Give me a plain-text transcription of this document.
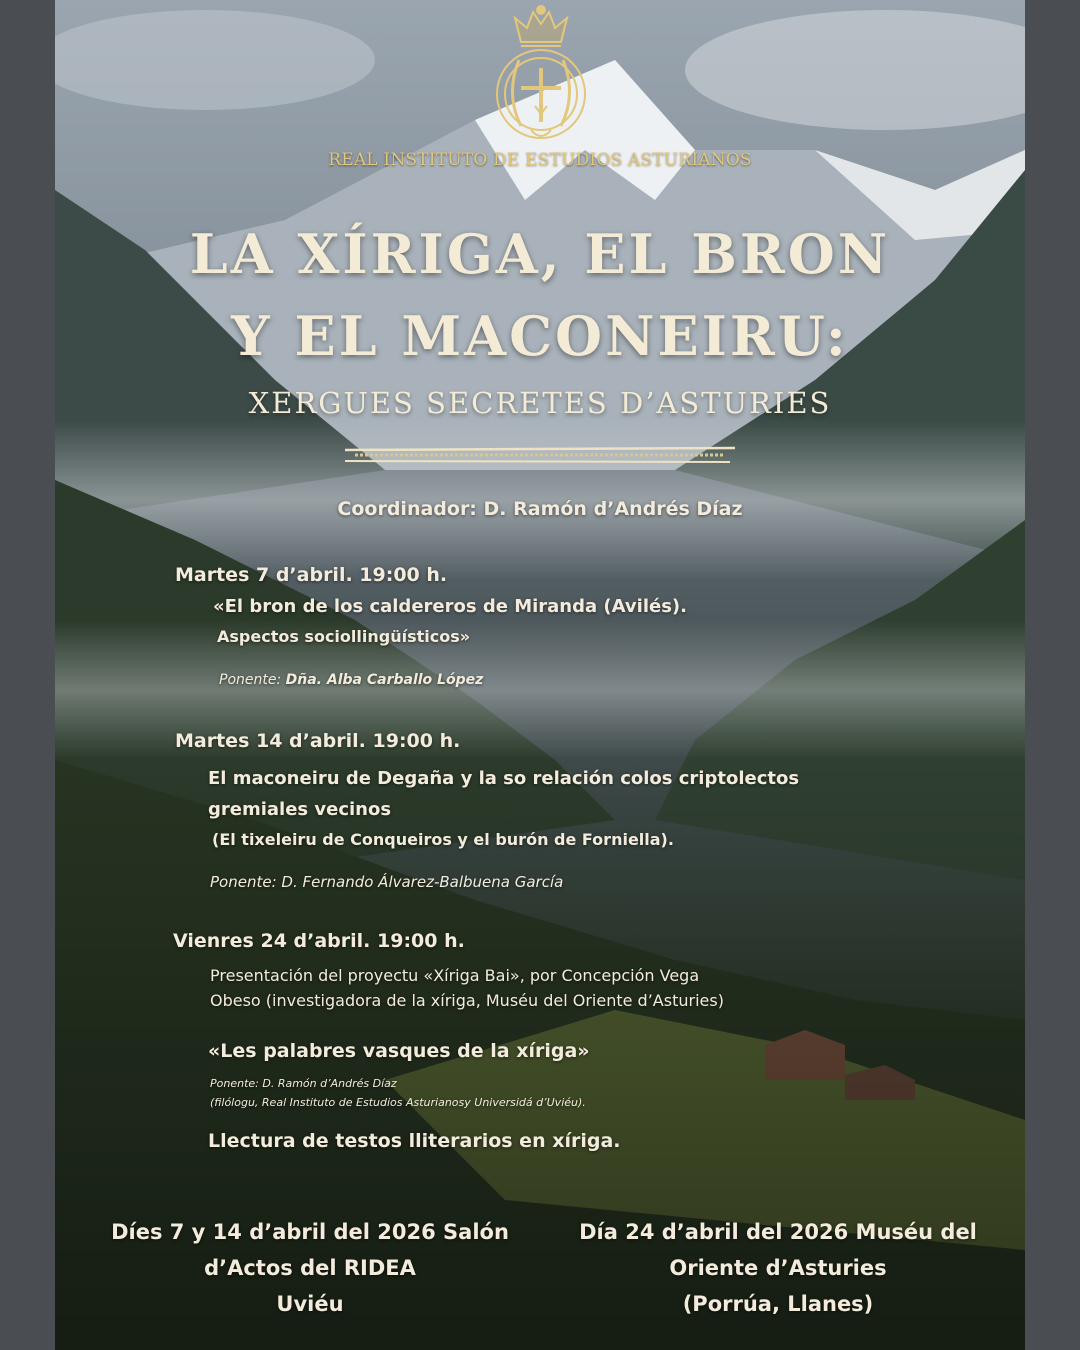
REAL INSTITUTO DE ESTUDIOS ASTURIANOS
LA XÍRIGA, EL BRON
Y EL MACONEIRU:
XERGUES SECRETES D’ASTURIES
Coordinador: D. Ramón d’Andrés Díaz
Martes 7 d’abril. 19:00 h.
«El bron de los caldereros de Miranda (Avilés).
Aspectos sociollingüísticos»
Ponente: Dña. Alba Carballo López
Martes 14 d’abril. 19:00 h.
El maconeiru de Degaña y la so relación colos criptolectos
gremiales vecinos
(El tixeleiru de Conqueiros y el burón de Forniella).
Ponente: D. Fernando Álvarez-Balbuena García
Vienres 24 d’abril. 19:00 h.
Presentación del proyectu «Xíriga Bai», por Concepción Vega
Obeso (investigadora de la xíriga, Muséu del Oriente d’Asturies)
«Les palabres vasques de la xíriga»
Ponente: D. Ramón d’Andrés Díaz
(filólogu, Real Instituto de Estudios Asturianosy Universidá d’Uviéu).
Llectura de testos lliterarios en xíriga.
Díes 7 y 14 d’abril del 2026 Salón
d’Actos del RIDEA
Uviéu
Día 24 d’abril del 2026 Muséu del
Oriente d’Asturies
(Porrúa, Llanes)
